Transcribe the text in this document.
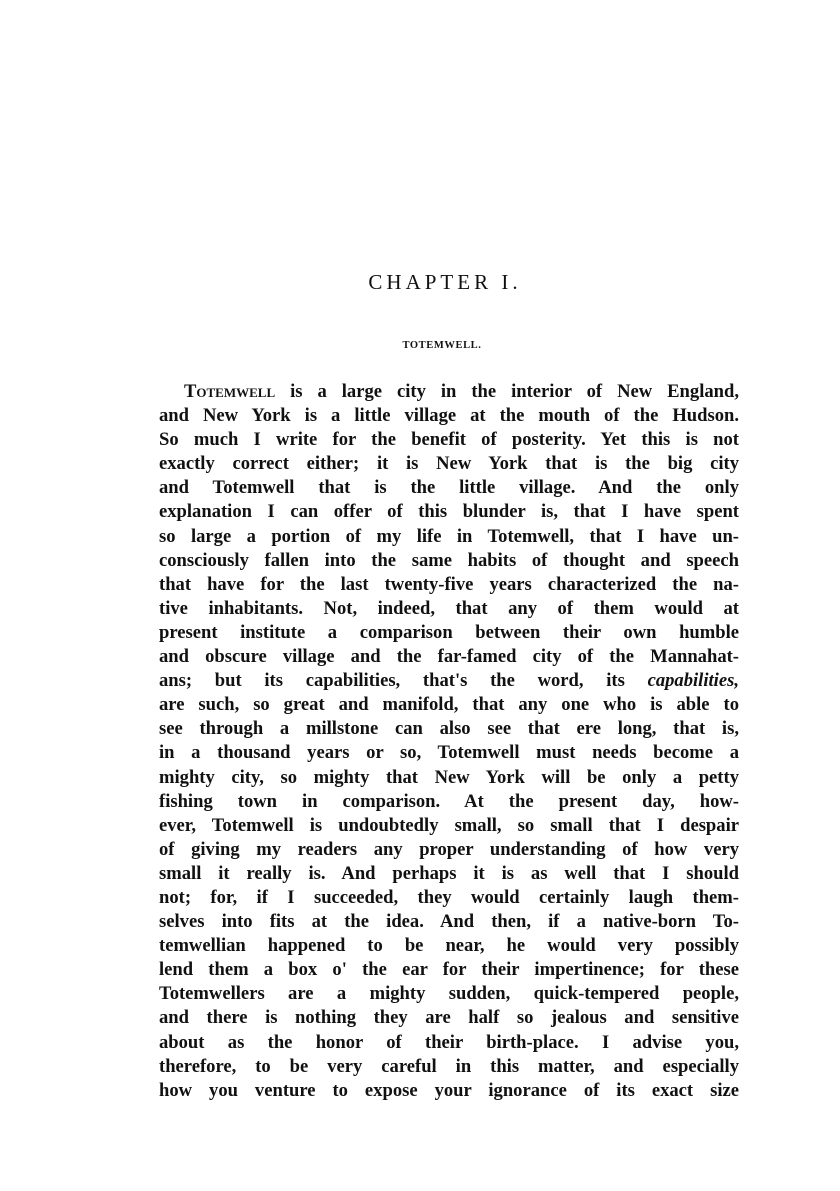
CHAPTER I.
TOTEMWELL.
Totemwell is a large city in the interior of New England,
and New York is a little village at the mouth of the Hudson.
So much I write for the benefit of posterity. Yet this is not
exactly correct either; it is New York that is the big city
and Totemwell that is the little village. And the only
explanation I can offer of this blunder is, that I have spent
so large a portion of my life in Totemwell, that I have un-
consciously fallen into the same habits of thought and speech
that have for the last twenty-five years characterized the na-
tive inhabitants. Not, indeed, that any of them would at
present institute a comparison between their own humble
and obscure village and the far-famed city of the Mannahat-
ans; but its capabilities, that's the word, its capabilities,
are such, so great and manifold, that any one who is able to
see through a millstone can also see that ere long, that is,
in a thousand years or so, Totemwell must needs become a
mighty city, so mighty that New York will be only a petty
fishing town in comparison. At the present day, how-
ever, Totemwell is undoubtedly small, so small that I despair
of giving my readers any proper understanding of how very
small it really is. And perhaps it is as well that I should
not; for, if I succeeded, they would certainly laugh them-
selves into fits at the idea. And then, if a native-born To-
temwellian happened to be near, he would very possibly
lend them a box o' the ear for their impertinence; for these
Totemwellers are a mighty sudden, quick-tempered people,
and there is nothing they are half so jealous and sensitive
about as the honor of their birth-place. I advise you,
therefore, to be very careful in this matter, and especially
how you venture to expose your ignorance of its exact size
